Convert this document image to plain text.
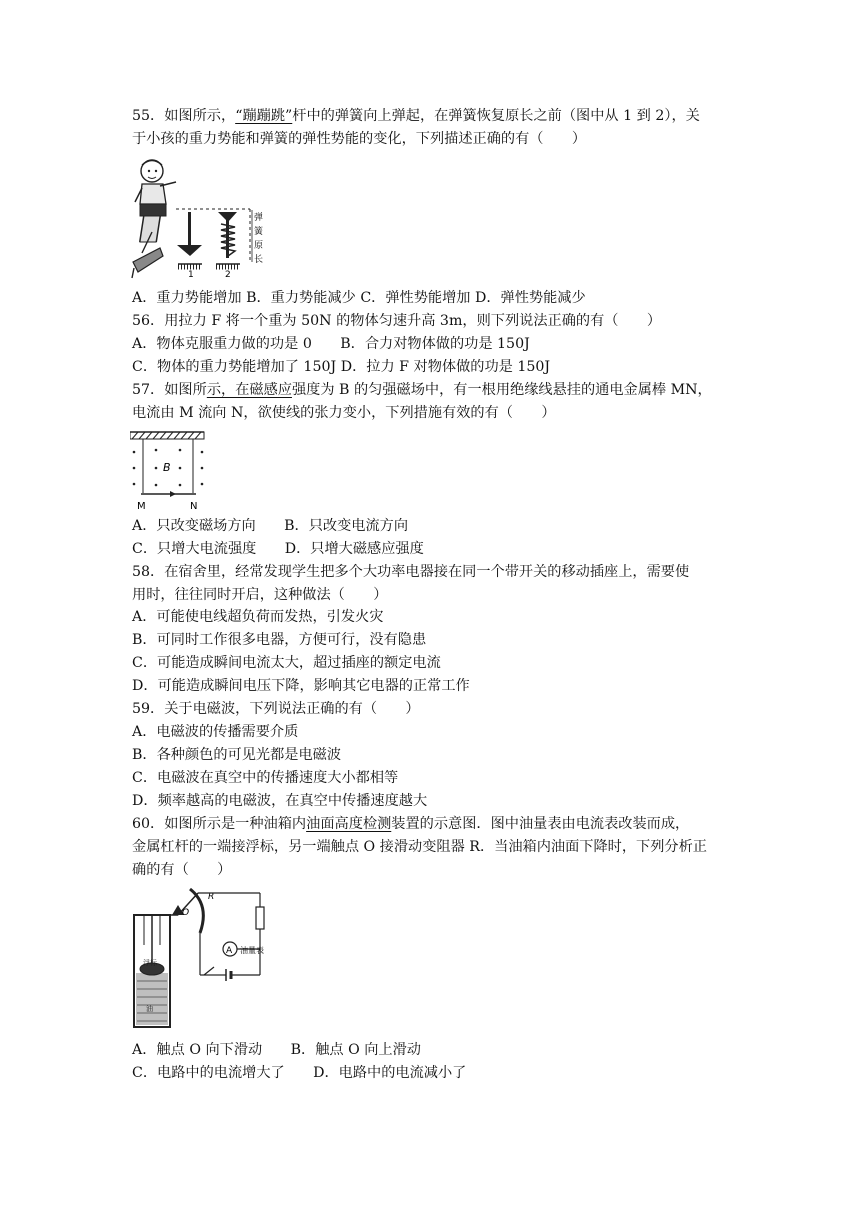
55．如图所示，“蹦蹦跳”杆中的弹簧向上弹起，在弹簧恢复原长之前（图中从 1 到 2），关
于小孩的重力势能和弹簧的弹性势能的变化，下列描述正确的有（　　）
1	2
弹
簧
原
长
A．重力势能增加 B．重力势能减少 C．弹性势能增加 D．弹性势能减少
56．用拉力 F 将一个重为 50N 的物体匀速升高 3m，则下列说法正确的有（　　）
A．物体克服重力做的功是 0　　B．合力对物体做的功是 150J
C．物体的重力势能增加了 150J D．拉力 F 对物体做的功是 150J
57．如图所示，在磁感应强度为 B 的匀强磁场中，有一根用绝缘线悬挂的通电金属棒 MN，
电流由 M 流向 N，欲使线的张力变小，下列措施有效的有（　　）
B
M	N
A．只改变磁场方向　　B．只改变电流方向
C．只增大电流强度　　D．只增大磁感应强度
58．在宿舍里，经常发现学生把多个大功率电器接在同一个带开关的移动插座上，需要使
用时，往往同时开启，这种做法（　　）
A．可能使电线超负荷而发热，引发火灾
B．可同时工作很多电器，方便可行，没有隐患
C．可能造成瞬间电流太大，超过插座的额定电流
D．可能造成瞬间电压下降，影响其它电器的正常工作
59．关于电磁波，下列说法正确的有（　　）
A．电磁波的传播需要介质
B．各种颜色的可见光都是电磁波
C．电磁波在真空中的传播速度大小都相等
D．频率越高的电磁波，在真空中传播速度越大
60．如图所示是一种油箱内油面高度检测装置的示意图．图中油量表由电流表改装而成，
金属杠杆的一端接浮标，另一端触点 O 接滑动变阻器 R．当油箱内油面下降时，下列分析正
确的有（　　）
浮标
油
O
R
A 油量表
A．触点 O 向下滑动　　B．触点 O 向上滑动
C．电路中的电流增大了　　D．电路中的电流减小了
